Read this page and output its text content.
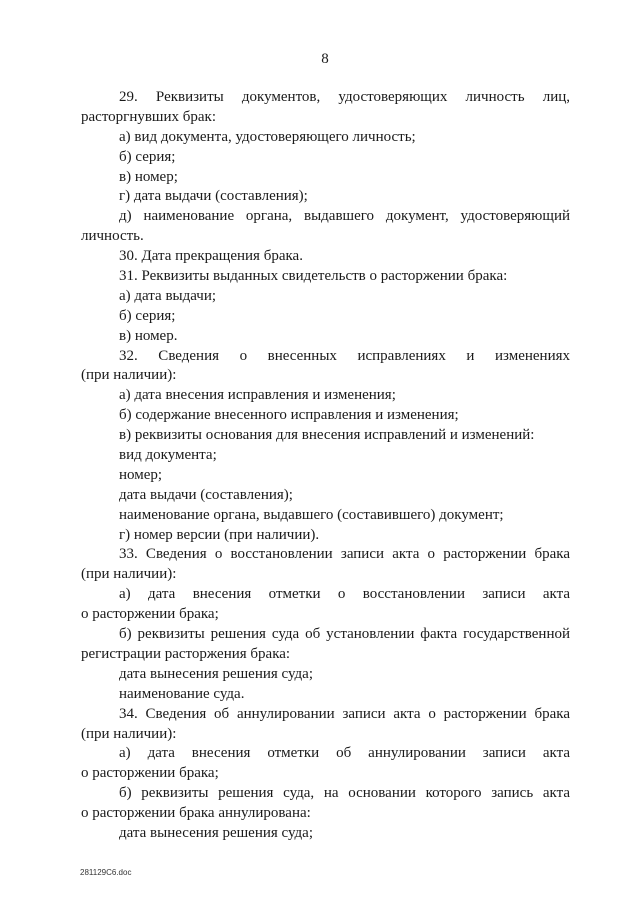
8
29. Реквизиты документов, удостоверяющих личность лиц,
расторгнувших брак:
а) вид документа, удостоверяющего личность;
б) серия;
в) номер;
г) дата выдачи (составления);
д) наименование органа, выдавшего документ, удостоверяющий
личность.
30. Дата прекращения брака.
31. Реквизиты выданных свидетельств о расторжении брака:
а) дата выдачи;
б) серия;
в) номер.
32. Сведения о внесенных исправлениях и изменениях
(при наличии):
а) дата внесения исправления и изменения;
б) содержание внесенного исправления и изменения;
в) реквизиты основания для внесения исправлений и изменений:
вид документа;
номер;
дата выдачи (составления);
наименование органа, выдавшего (составившего) документ;
г) номер версии (при наличии).
33. Сведения о восстановлении записи акта о расторжении брака
(при наличии):
а) дата внесения отметки о восстановлении записи акта
о расторжении брака;
б) реквизиты решения суда об установлении факта государственной
регистрации расторжения брака:
дата вынесения решения суда;
наименование суда.
34. Сведения об аннулировании записи акта о расторжении брака
(при наличии):
а) дата внесения отметки об аннулировании записи акта
о расторжении брака;
б) реквизиты решения суда, на основании которого запись акта
о расторжении брака аннулирована:
дата вынесения решения суда;
281129C6.doc
